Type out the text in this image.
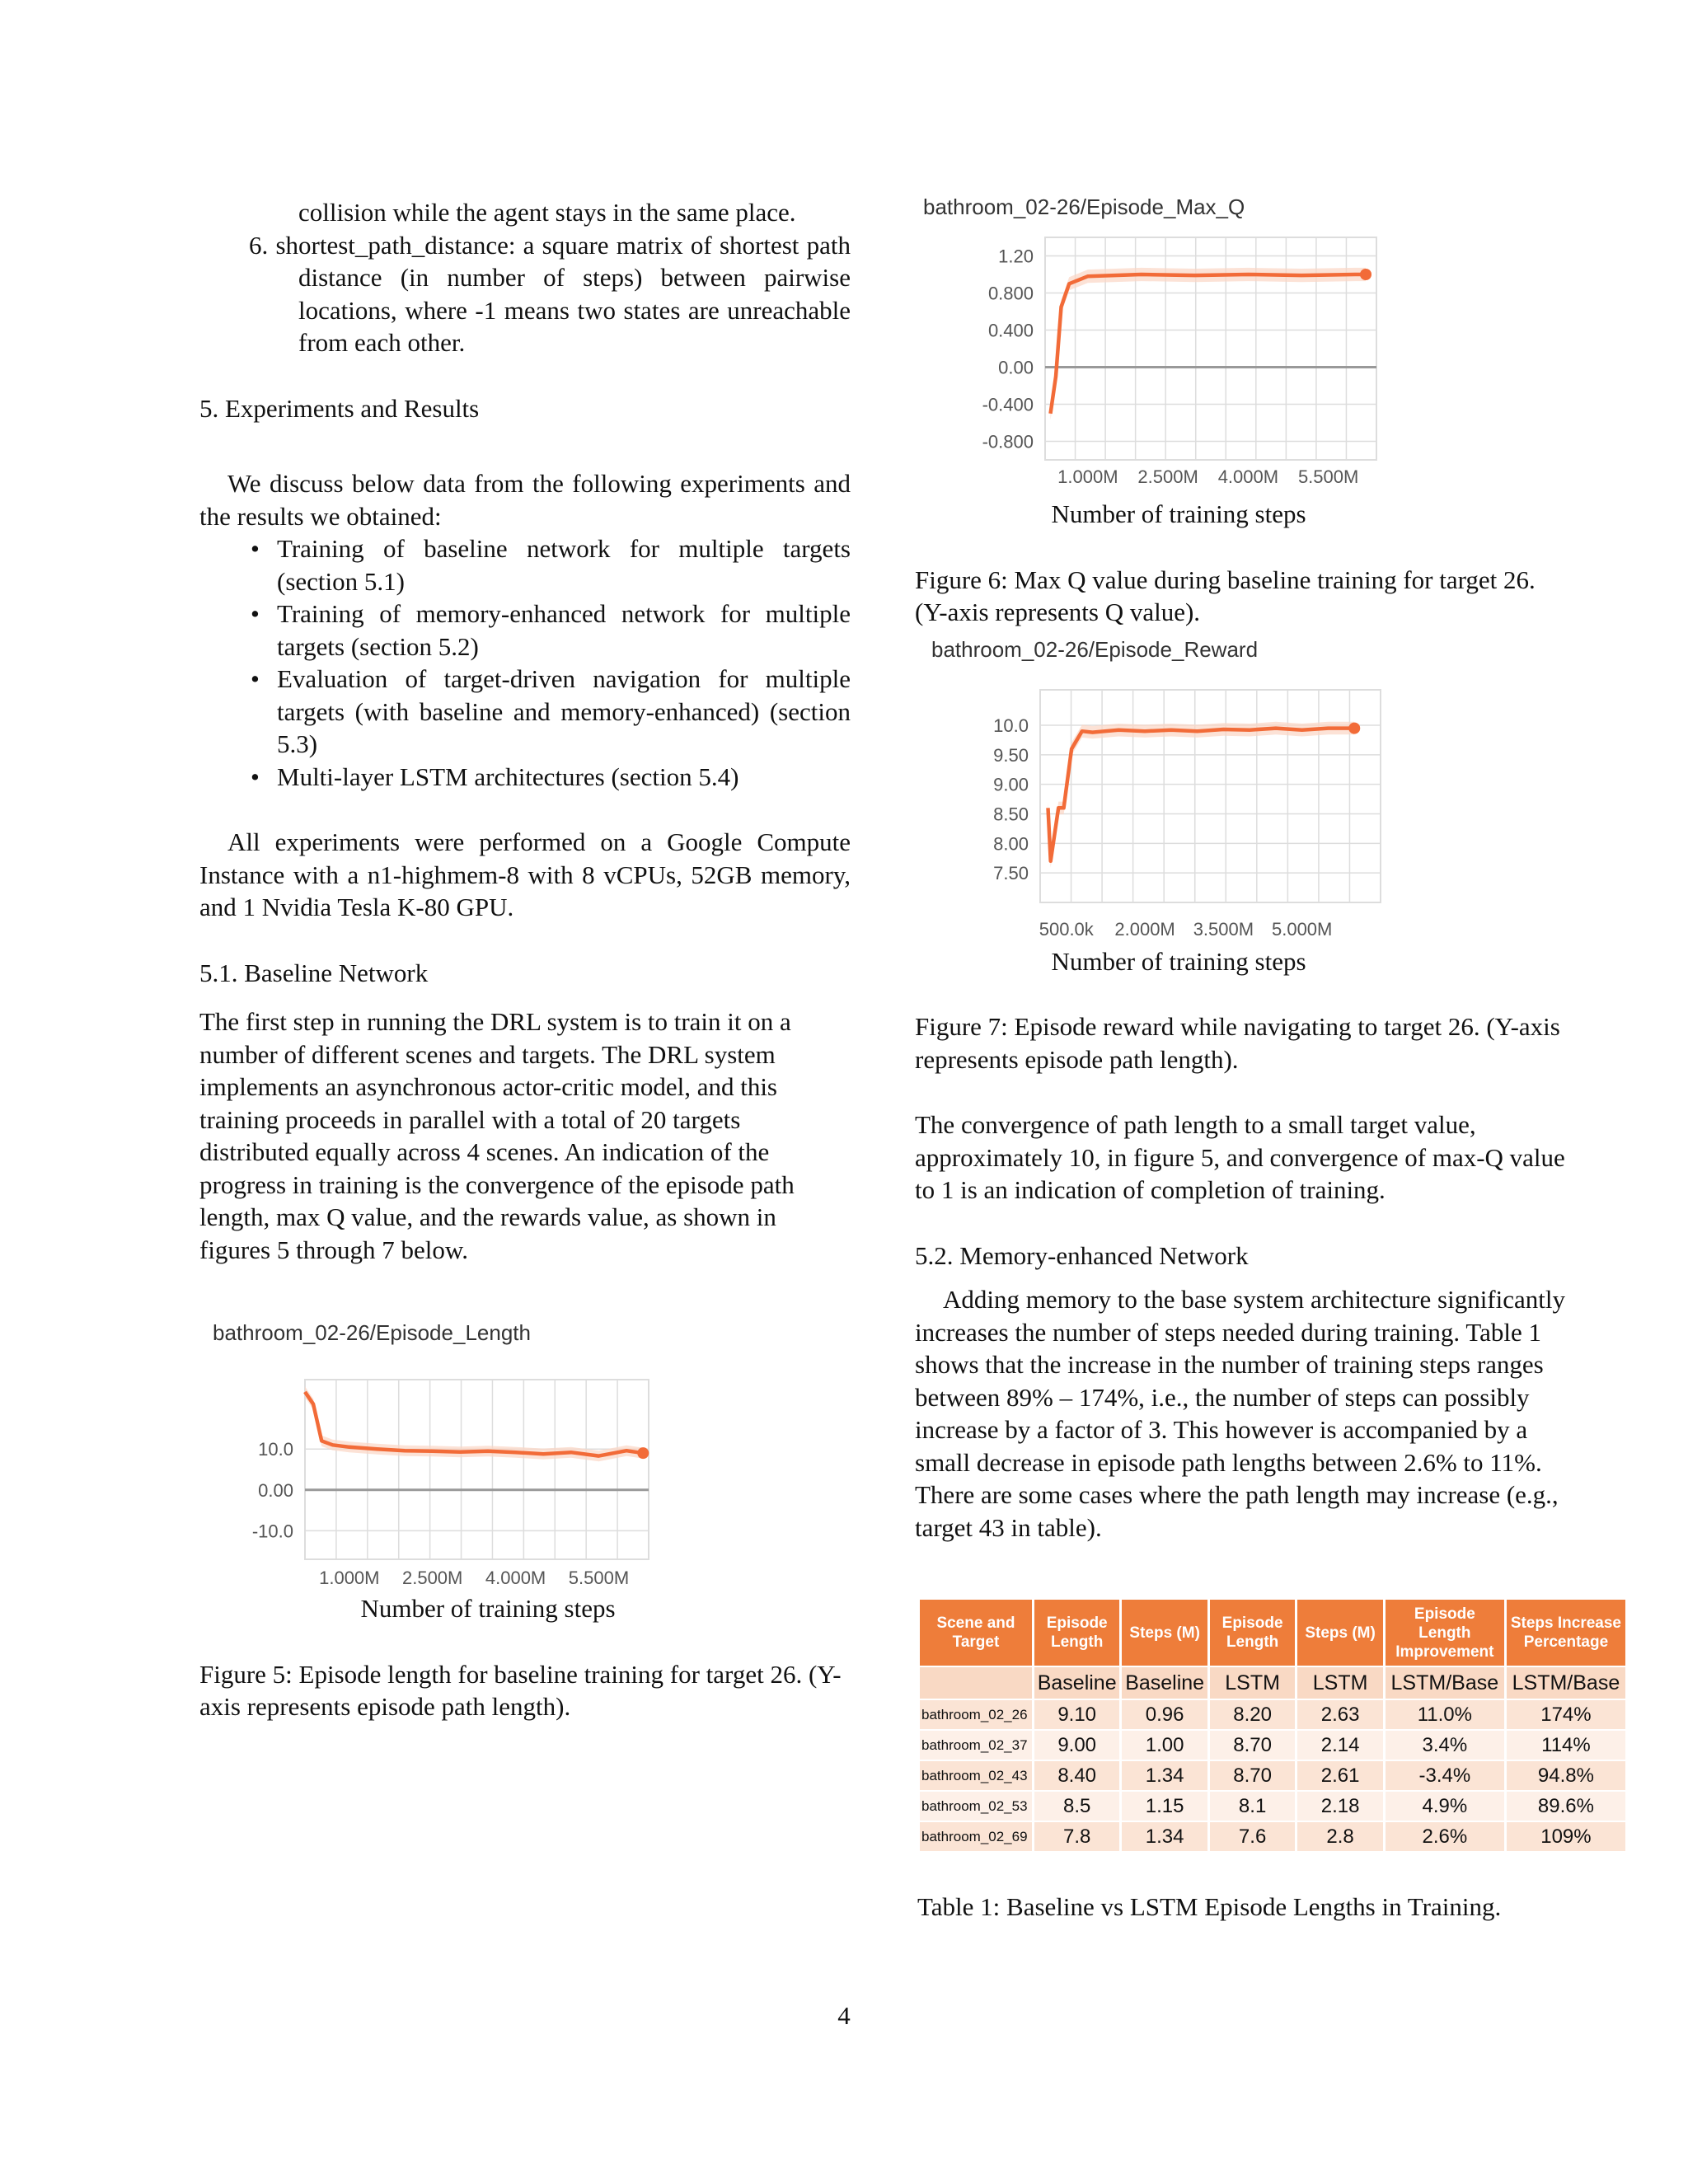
collision while the agent stays in the same place.

6. shortest_path_distance: a square matrix of shortest path distance (in number of steps) between pairwise locations, where -1 means two states are unreachable from each other.

5. Experiments and Results

We discuss below data from the following experiments and the results we obtained:

• Training of baseline network for multiple targets (section 5.1)
• Training of memory-enhanced network for multiple targets (section 5.2)
• Evaluation of target-driven navigation for multiple targets (with baseline and memory-enhanced) (section 5.3)
• Multi-layer LSTM architectures (section 5.4)

All experiments were performed on a Google Compute Instance with a n1-highmem-8 with 8 vCPUs, 52GB memory, and 1 Nvidia Tesla K-80 GPU.

5.1. Baseline Network

The first step in running the DRL system is to train it on a number of different scenes and targets. The DRL system implements an asynchronous actor-critic model, and this training proceeds in parallel with a total of 20 targets distributed equally across 4 scenes. An indication of the progress in training is the convergence of the episode path length, max Q value, and the rewards value, as shown in figures 5 through 7 below.

bathroom_02-26/Episode_Length
10.0
0.00
-10.0
1.000M 2.500M 4.000M 5.500M

Number of training steps

Figure 5: Episode length for baseline training for target 26. (Y-axis represents episode path length).

bathroom_02-26/Episode_Max_Q
1.20
0.800
0.400
0.00
-0.400
-0.800
1.000M 2.500M 4.000M 5.500M

Number of training steps

Figure 6: Max Q value during baseline training for target 26. (Y-axis represents Q value).

bathroom_02-26/Episode_Reward
10.0
9.50
9.00
8.50
8.00
7.50
500.0k 2.000M 3.500M 5.000M

Number of training steps

Figure 7: Episode reward while navigating to target 26. (Y-axis represents episode path length).

The convergence of path length to a small target value, approximately 10, in figure 5, and convergence of max-Q value to 1 is an indication of completion of training.

5.2. Memory-enhanced Network

Adding memory to the base system architecture significantly increases the number of steps needed during training. Table 1 shows that the increase in the number of training steps ranges between 89% – 174%, i.e., the number of steps can possibly increase by a factor of 3. This however is accompanied by a small decrease in episode path lengths between 2.6% to 11%. There are some cases where the path length may increase (e.g., target 43 in table).

Scene and Target	Episode Length	Steps (M)	Episode Length	Steps (M)	Episode Length Improvement	Steps Increase Percentage
	Baseline	Baseline	LSTM	LSTM	LSTM/Base	LSTM/Base
bathroom_02_26	9.10	0.96	8.20	2.63	11.0%	174%
bathroom_02_37	9.00	1.00	8.70	2.14	3.4%	114%
bathroom_02_43	8.40	1.34	8.70	2.61	-3.4%	94.8%
bathroom_02_53	8.5	1.15	8.1	2.18	4.9%	89.6%
bathroom_02_69	7.8	1.34	7.6	2.8	2.6%	109%

Table 1: Baseline vs LSTM Episode Lengths in Training.

4
